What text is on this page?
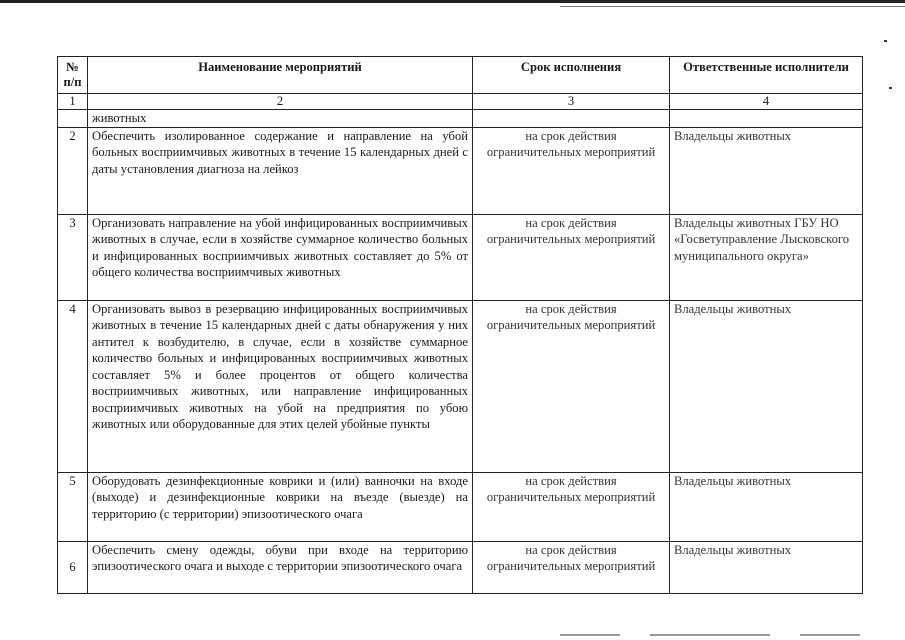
№ п/п	Наименование мероприятий	Срок исполнения	Ответственные исполнители
1	2	3	4
	животных		
2	Обеспечить изолированное содержание и направление на убой больных восприимчивых животных в течение 15 календарных дней с даты установления диагноза на лейкоз	на срок действия ограничительных мероприятий	Владельцы животных
3	Организовать направление на убой инфицированных восприимчивых животных в случае, если в хозяйстве суммарное количество больных и инфицированных восприимчивых животных составляет до 5% от общего количества восприимчивых животных	на срок действия ограничительных мероприятий	Владельцы животных ГБУ НО «Госветуправление Лысковского муниципального округа»
4	Организовать вывоз в резервацию инфицированных восприимчивых животных в течение 15 календарных дней с даты обнаружения у них антител к возбудителю, в случае, если в хозяйстве суммарное количество больных и инфицированных восприимчивых животных составляет 5% и более процентов от общего количества восприимчивых животных, или направление инфицированных восприимчивых животных на убой на предприятия по убою животных или оборудованные для этих целей убойные пункты	на срок действия ограничительных мероприятий	Владельцы животных
5	Оборудовать дезинфекционные коврики и (или) ванночки на входе (выходе) и дезинфекционные коврики на въезде (выезде) на территорию (с территории) эпизоотического очага	на срок действия ограничительных мероприятий	Владельцы животных
6	Обеспечить смену одежды, обуви при входе на территорию эпизоотического очага и выходе с территории эпизоотического очага	на срок действия ограничительных мероприятий	Владельцы животных
